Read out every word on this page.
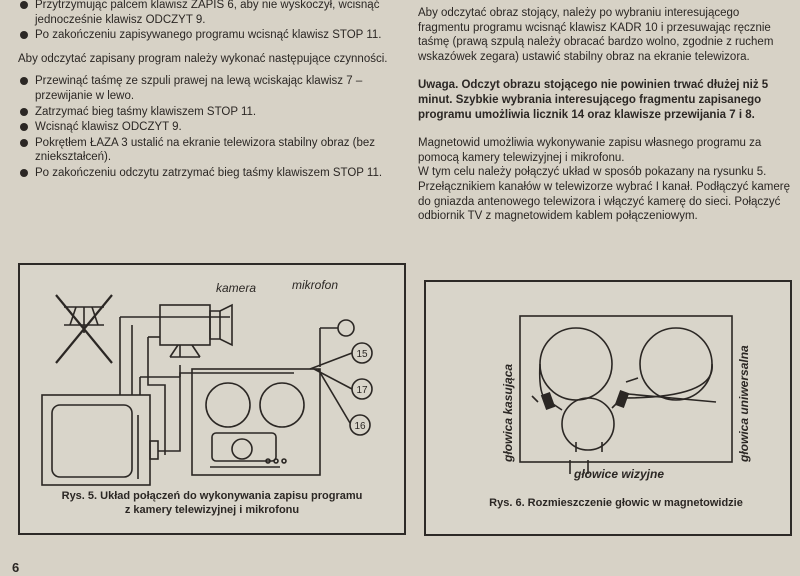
Przytrzymując palcem klawisz ZAPIS 6, aby nie wyskoczył, wcisnąć jednocześnie klawisz ODCZYT 9.

Po zakończeniu zapisywanego programu wcisnąć klawisz STOP 11.

Aby odczytać zapisany program należy wykonać następujące czynności.

Przewinąć taśmę ze szpuli prawej na lewą wciskając klawisz 7 – przewijanie w lewo.

Zatrzymać bieg taśmy klawiszem STOP 11.

Wcisnąć klawisz ODCZYT 9.

Pokrętłem ŁAZA 3 ustalić na ekranie telewizora stabilny obraz (bez zniekształceń).

Po zakończeniu odczytu zatrzymać bieg taśmy klawiszem STOP 11.

Aby odczytać obraz stojący, należy po wybraniu interesującego fragmentu programu wcisnąć klawisz KADR 10 i przesuwając ręcznie taśmę (prawą szpulą należy obracać bardzo wolno, zgodnie z ruchem wskazówek zegara) ustawić stabilny obraz na ekranie telewizora.

Uwaga. Odczyt obrazu stojącego nie powinien trwać dłużej niż 5 minut. Szybkie wybrania interesującego fragmentu zapisanego programu umożliwia licznik 14 oraz klawisze przewijania 7 i 8.

Magnetowid umożliwia wykonywanie zapisu własnego programu za pomocą kamery telewizyjnej i mikrofonu.

W tym celu należy połączyć układ w sposób pokazany na rysunku 5. Przełącznikiem kanałów w telewizorze wybrać I kanał. Podłączyć kamerę do gniazda antenowego telewizora i włączyć kamerę do sieci. Połączyć odbiornik TV z magnetowidem kablem połączeniowym.

kamera	mikrofon
15
17
16
Rys. 5. Układ połączeń do wykonywania zapisu programu
z kamery telewizyjnej i mikrofonu
głowica kasująca	głowica uniwersalna
głowice wizyjne
Rys. 6. Rozmieszczenie głowic w magnetowidzie
6
